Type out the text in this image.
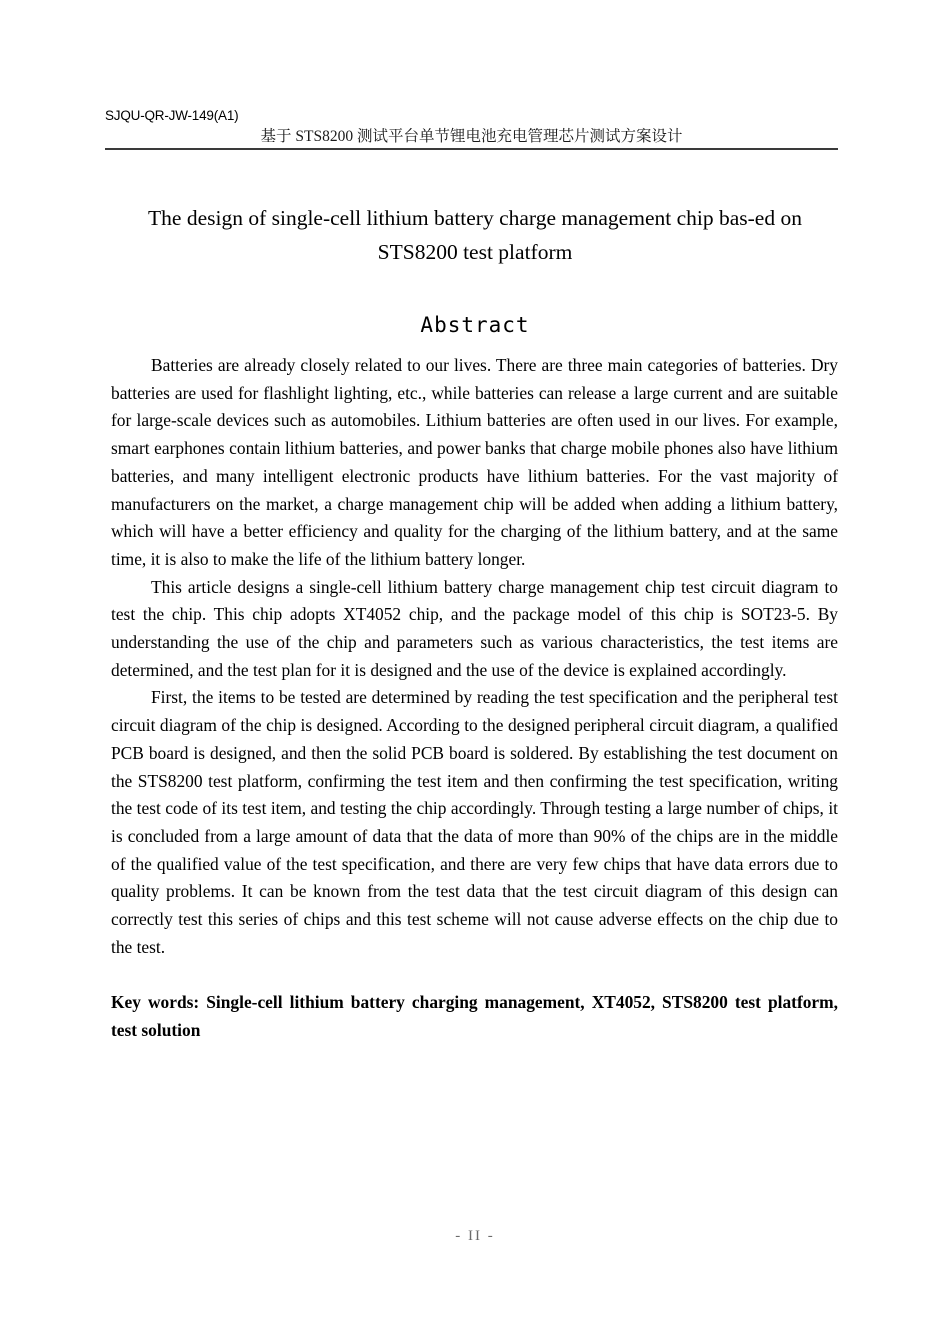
SJQU-QR-JW-149(A1)
基于 STS8200 测试平台单节锂电池充电管理芯片测试方案设计
The design of single-cell lithium battery charge management chip bas-ed on STS8200 test platform
Abstract

Batteries are already closely related to our lives. There are three main categories of batteries. Dry batteries are used for flashlight lighting, etc., while batteries can release a large current and are suitable for large-scale devices such as automobiles. Lithium batteries are often used in our lives. For example, smart earphones contain lithium batteries, and power banks that charge mobile phones also have lithium batteries, and many intelligent electronic products have lithium batteries. For the vast majority of manufacturers on the market, a charge management chip will be added when adding a lithium battery, which will have a better efficiency and quality for the charging of the lithium battery, and at the same time, it is also to make the life of the lithium battery longer.

This article designs a single-cell lithium battery charge management chip test circuit diagram to test the chip. This chip adopts XT4052 chip, and the package model of this chip is SOT23-5. By understanding the use of the chip and parameters such as various characteristics, the test items are determined, and the test plan for it is designed and the use of the device is explained accordingly.

First, the items to be tested are determined by reading the test specification and the peripheral test circuit diagram of the chip is designed. According to the designed peripheral circuit diagram, a qualified PCB board is designed, and then the solid PCB board is soldered. By establishing the test document on the STS8200 test platform, confirming the test item and then confirming the test specification, writing the test code of its test item, and testing the chip accordingly. Through testing a large number of chips, it is concluded from a large amount of data that the data of more than 90% of the chips are in the middle of the qualified value of the test specification, and there are very few chips that have data errors due to quality problems. It can be known from the test data that the test circuit diagram of this design can correctly test this series of chips and this test scheme will not cause adverse effects on the chip due to the test.

Key words: Single-cell lithium battery charging management, XT4052, STS8200 test platform, test solution

- II -
